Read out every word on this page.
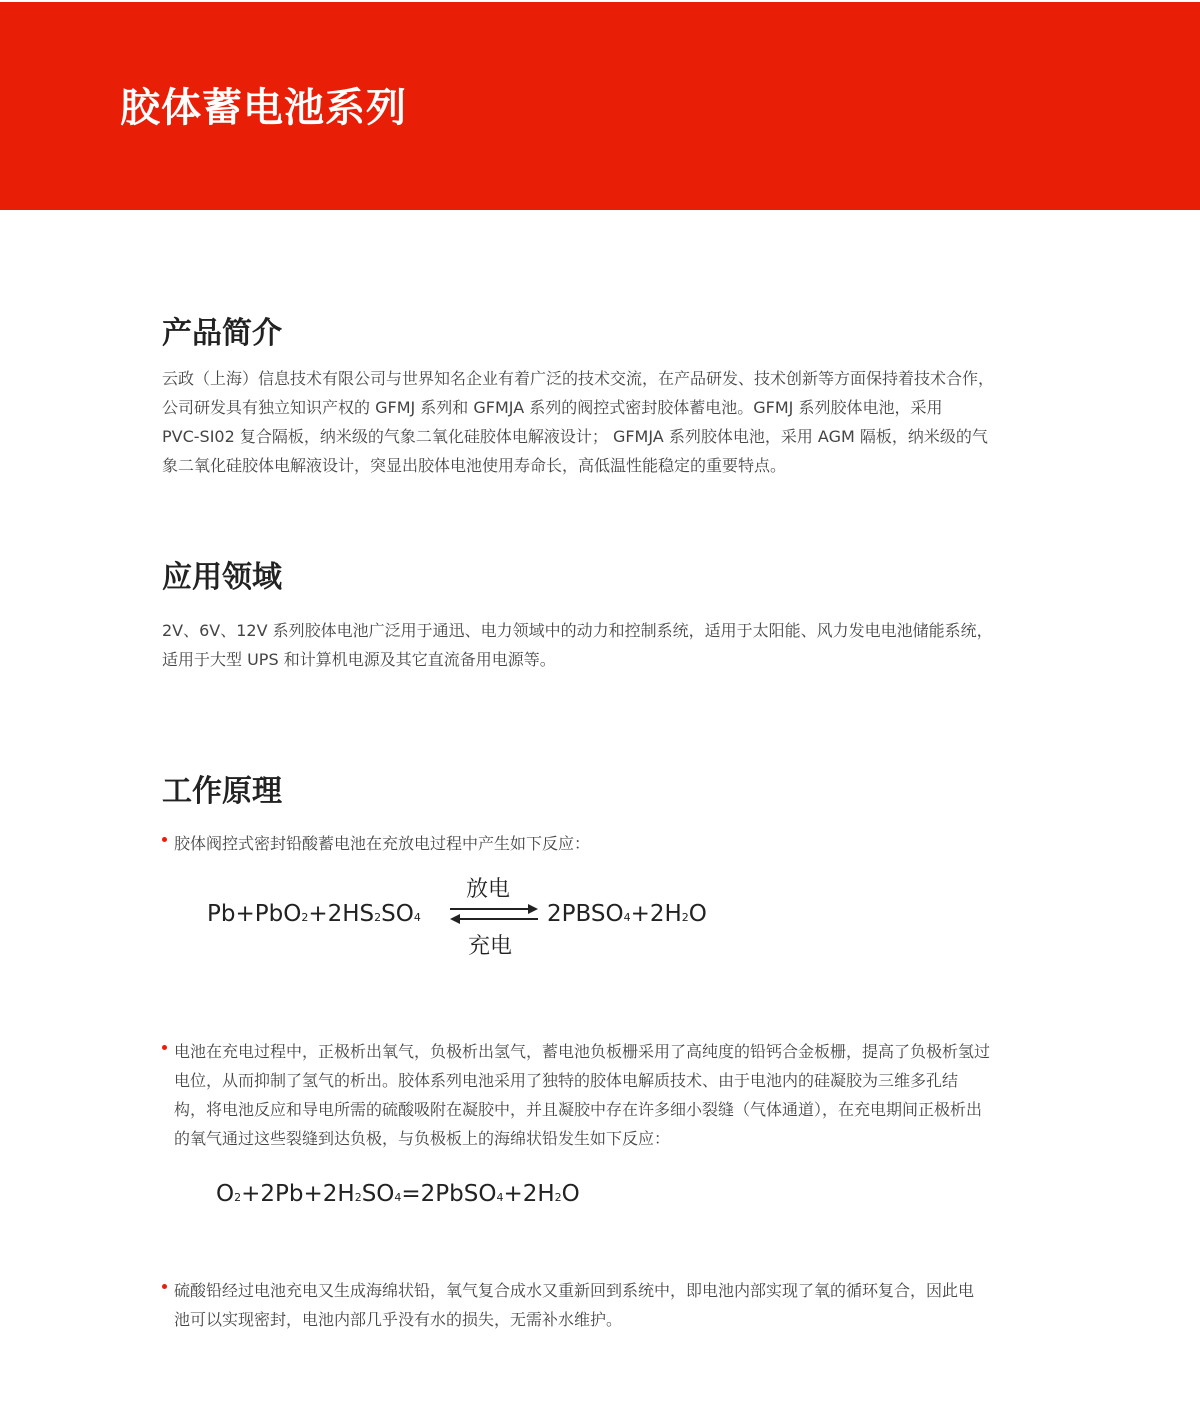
胶体蓄电池系列
产品简介
云政（上海）信息技术有限公司与世界知名企业有着广泛的技术交流，在产品研发、技术创新等方面保持着技术合作，
公司研发具有独立知识产权的 GFMJ 系列和 GFMJA 系列的阀控式密封胶体蓄电池。GFMJ 系列胶体电池，采用
PVC-SI02 复合隔板，纳米级的气象二氧化硅胶体电解液设计； GFMJA 系列胶体电池，采用 AGM 隔板，纳米级的气
象二氧化硅胶体电解液设计，突显出胶体电池使用寿命长，高低温性能稳定的重要特点。
应用领域
2V、6V、12V 系列胶体电池广泛用于通迅、电力领域中的动力和控制系统，适用于太阳能、风力发电电池储能系统，
适用于大型 UPS 和计算机电源及其它直流备用电源等。
工作原理
胶体阀控式密封铅酸蓄电池在充放电过程中产生如下反应：
Pb+PbO2+2HS2SO4
放电
充电
2PBSO4+2H2O
电池在充电过程中，正极析出氧气，负极析出氢气，蓄电池负板栅采用了高纯度的铅钙合金板栅，提高了负极析氢过
电位，从而抑制了氢气的析出。胶体系列电池采用了独特的胶体电解质技术、由于电池内的硅凝胶为三维多孔结
构，将电池反应和导电所需的硫酸吸附在凝胶中，并且凝胶中存在许多细小裂缝（气体通道），在充电期间正极析出
的氧气通过这些裂缝到达负极，与负极板上的海绵状铅发生如下反应：
O2+2Pb+2H2SO4=2PbSO4+2H2O
硫酸铅经过电池充电又生成海绵状铅，氧气复合成水又重新回到系统中，即电池内部实现了氧的循环复合，因此电
池可以实现密封，电池内部几乎没有水的损失，无需补水维护。
